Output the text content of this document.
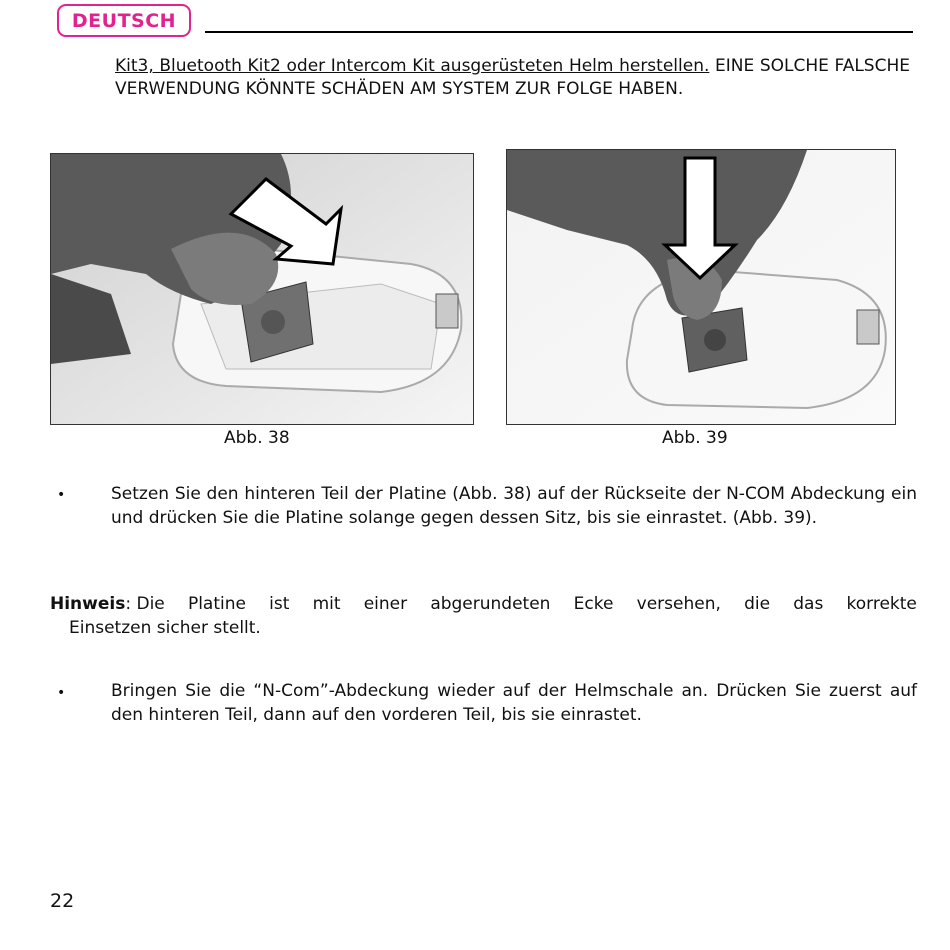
DEUTSCH
Kit3, Bluetooth Kit2 oder Intercom Kit ausgerüsteten Helm herstellen. EINE SOLCHE FALSCHE VERWENDUNG KÖNNTE SCHÄDEN AM SYSTEM ZUR FOLGE HABEN.
Abb. 38	Abb. 39
•	Setzen Sie den hinteren Teil der Platine (Abb. 38) auf der Rückseite der N-COM Abdeckung ein und drücken Sie die Platine solange gegen dessen Sitz, bis sie einrastet. (Abb. 39).
Hinweis: Die Platine ist mit einer abgerundeten Ecke versehen, die das korrekte
Einsetzen sicher stellt.
•	Bringen Sie die “N-Com”-Abdeckung wieder auf der Helmschale an. Drücken Sie zuerst auf den hinteren Teil, dann auf den vorderen Teil, bis sie einrastet.
22
